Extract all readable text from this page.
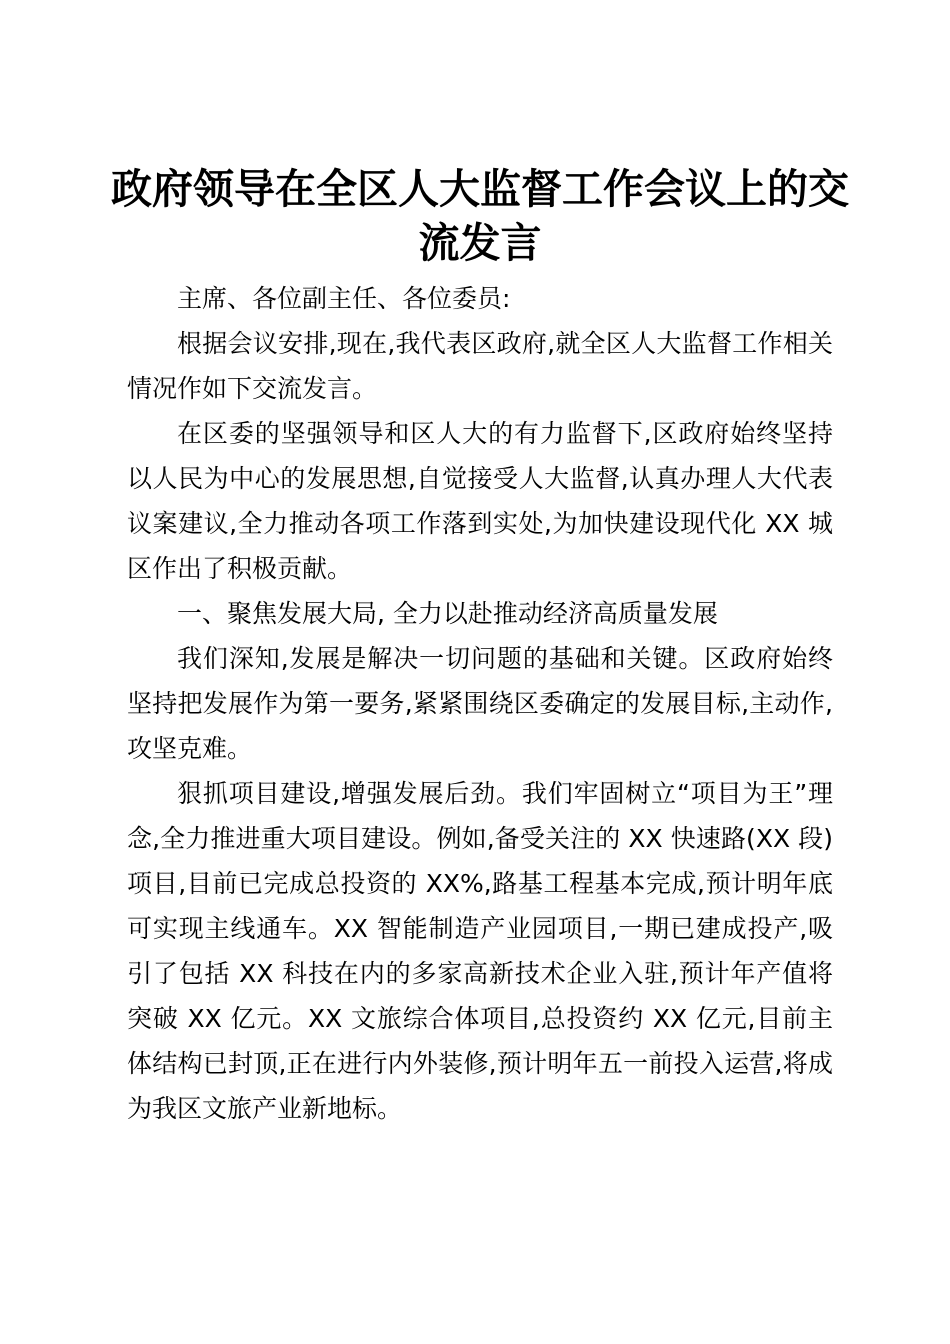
政府领导在全区人大监督工作会议上的交流发言

主席、各位副主任、各位委员:

根据会议安排,现在,我代表区政府,就全区人大监督工作相关情况作如下交流发言。

在区委的坚强领导和区人大的有力监督下,区政府始终坚持以人民为中心的发展思想,自觉接受人大监督,认真办理人大代表议案建议,全力推动各项工作落到实处,为加快建设现代化 XX 城区作出了积极贡献。

一、聚焦发展大局, 全力以赴推动经济高质量发展

我们深知,发展是解决一切问题的基础和关键。区政府始终坚持把发展作为第一要务,紧紧围绕区委确定的发展目标,主动作,攻坚克难。

狠抓项目建设,增强发展后劲。我们牢固树立“项目为王”理念,全力推进重大项目建设。例如,备受关注的 XX 快速路(XX 段)项目,目前已完成总投资的 XX%,路基工程基本完成,预计明年底可实现主线通车。XX 智能制造产业园项目,一期已建成投产,吸引了包括 XX 科技在内的多家高新技术企业入驻,预计年产值将突破 XX 亿元。XX 文旅综合体项目,总投资约 XX 亿元,目前主体结构已封顶,正在进行内外装修,预计明年五一前投入运营,将成为我区文旅产业新地标。
